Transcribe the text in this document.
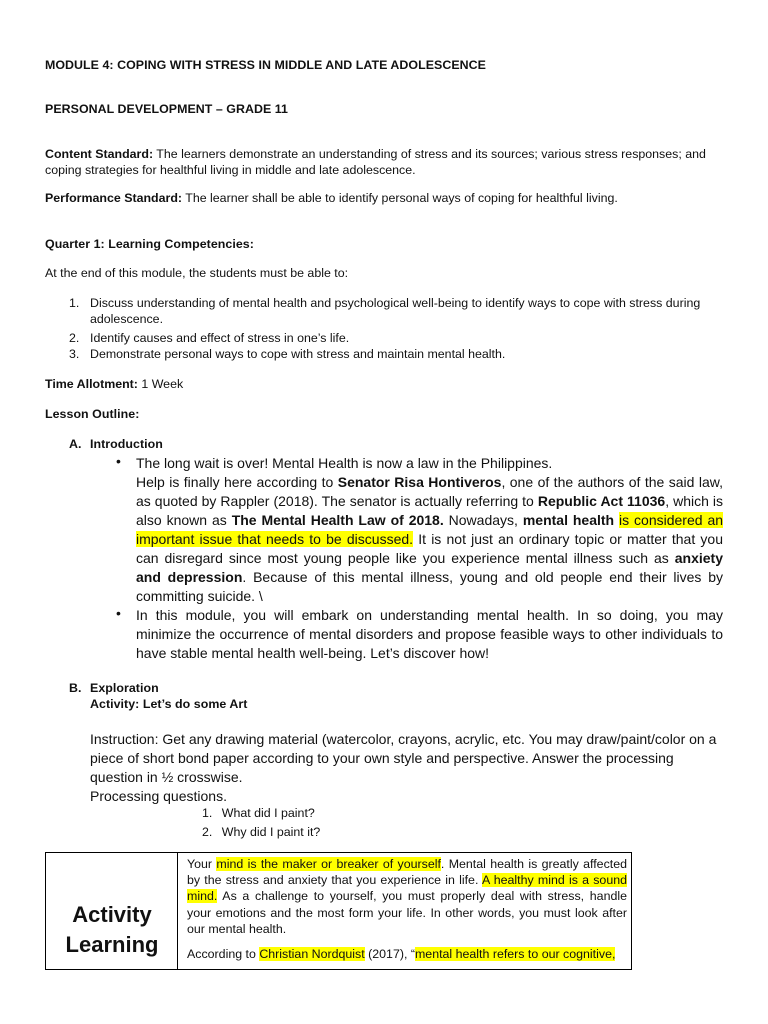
MODULE 4: COPING WITH STRESS IN MIDDLE AND LATE ADOLESCENCE
PERSONAL DEVELOPMENT – GRADE 11
Content Standard: The learners demonstrate an understanding of stress and its sources; various stress responses; and coping strategies for healthful living in middle and late adolescence.
Performance Standard: The learner shall be able to identify personal ways of coping for healthful living.
Quarter 1: Learning Competencies:
At the end of this module, the students must be able to:
1. Discuss understanding of mental health and psychological well-being to identify ways to cope with stress during adolescence.
2. Identify causes and effect of stress in one’s life.
3. Demonstrate personal ways to cope with stress and maintain mental health.
Time Allotment: 1 Week
Lesson Outline:
A. Introduction
• The long wait is over! Mental Health is now a law in the Philippines.
Help is finally here according to Senator Risa Hontiveros, one of the authors of the said law, as quoted by Rappler (2018). The senator is actually referring to Republic Act 11036, which is also known as The Mental Health Law of 2018. Nowadays, mental health is considered an important issue that needs to be discussed. It is not just an ordinary topic or matter that you can disregard since most young people like you experience mental illness such as anxiety and depression. Because of this mental illness, young and old people end their lives by committing suicide. \
• In this module, you will embark on understanding mental health. In so doing, you may minimize the occurrence of mental disorders and propose feasible ways to other individuals to have stable mental health well-being. Let’s discover how!
B. Exploration
Activity: Let’s do some Art
Instruction: Get any drawing material (watercolor, crayons, acrylic, etc. You may draw/paint/color on a piece of short bond paper according to your own style and perspective. Answer the processing question in ½ crosswise.
Processing questions.
1. What did I paint?
2. Why did I paint it?
Activity
Learning
Your mind is the maker or breaker of yourself. Mental health is greatly affected by the stress and anxiety that you experience in life. A healthy mind is a sound mind. As a challenge to yourself, you must properly deal with stress, handle your emotions and the most form your life. In other words, you must look after our mental health.
According to Christian Nordquist (2017), “mental health refers to our cognitive,
